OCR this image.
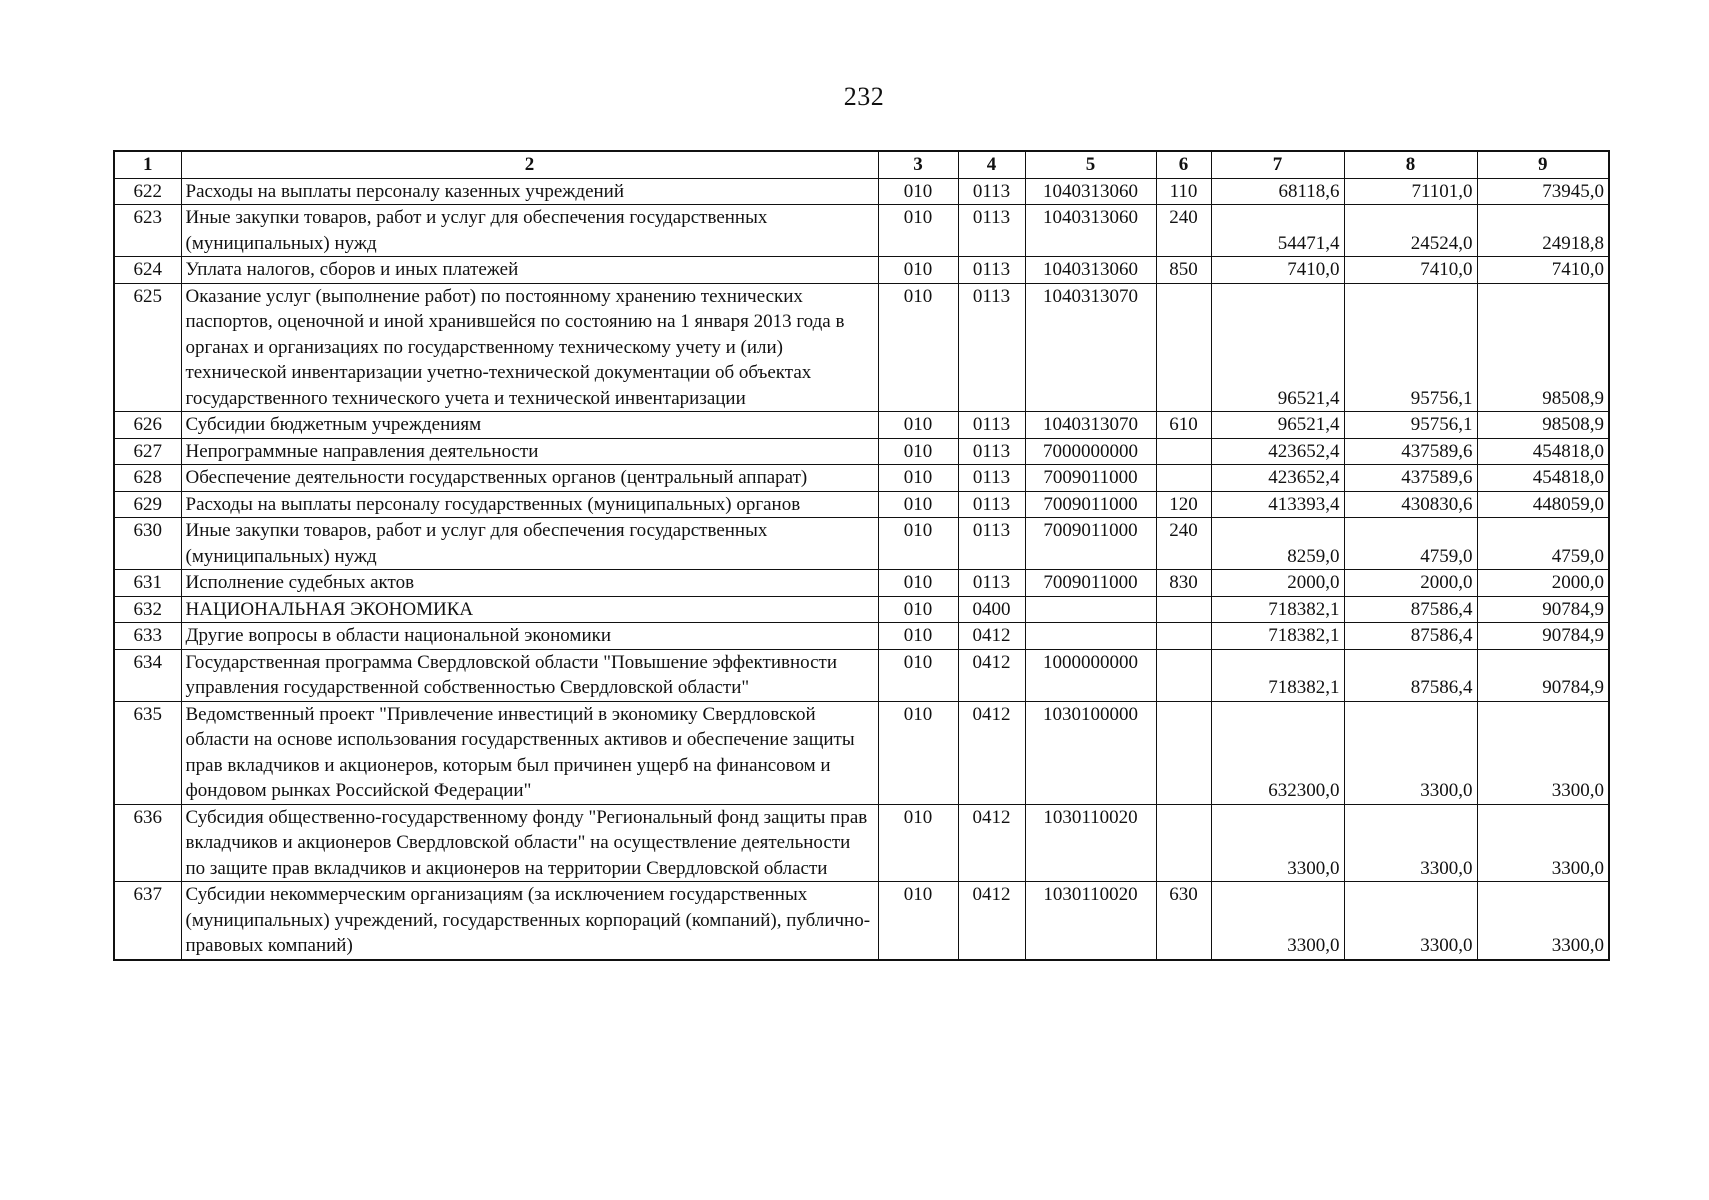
232
1	2	3	4	5	6	7	8	9
622	Расходы на выплаты персоналу казенных учреждений	010	0113	1040313060	110	68118,6	71101,0	73945,0
623	Иные закупки товаров, работ и услуг для обеспечения государственных (муниципальных) нужд	010	0113	1040313060	240	54471,4	24524,0	24918,8
624	Уплата налогов, сборов и иных платежей	010	0113	1040313060	850	7410,0	7410,0	7410,0
625	Оказание услуг (выполнение работ) по постоянному хранению технических паспортов, оценочной и иной хранившейся по состоянию на 1 января 2013 года в органах и организациях по государственному техническому учету и (или) технической инвентаризации учетно-технической документации об объектах государственного технического учета и технической инвентаризации	010	0113	1040313070		96521,4	95756,1	98508,9
626	Субсидии бюджетным учреждениям	010	0113	1040313070	610	96521,4	95756,1	98508,9
627	Непрограммные направления деятельности	010	0113	7000000000		423652,4	437589,6	454818,0
628	Обеспечение деятельности государственных органов (центральный аппарат)	010	0113	7009011000		423652,4	437589,6	454818,0
629	Расходы на выплаты персоналу государственных (муниципальных) органов	010	0113	7009011000	120	413393,4	430830,6	448059,0
630	Иные закупки товаров, работ и услуг для обеспечения государственных (муниципальных) нужд	010	0113	7009011000	240	8259,0	4759,0	4759,0
631	Исполнение судебных актов	010	0113	7009011000	830	2000,0	2000,0	2000,0
632	НАЦИОНАЛЬНАЯ ЭКОНОМИКА	010	0400			718382,1	87586,4	90784,9
633	Другие вопросы в области национальной экономики	010	0412			718382,1	87586,4	90784,9
634	Государственная программа Свердловской области "Повышение эффективности управления государственной собственностью Свердловской области"	010	0412	1000000000		718382,1	87586,4	90784,9
635	Ведомственный проект "Привлечение инвестиций в экономику Свердловской области на основе использования государственных активов и обеспечение защиты прав вкладчиков и акционеров, которым был причинен ущерб на финансовом и фондовом рынках Российской Федерации"	010	0412	1030100000		632300,0	3300,0	3300,0
636	Субсидия общественно-государственному фонду "Региональный фонд защиты прав вкладчиков и акционеров Свердловской области" на осуществление деятельности по защите прав вкладчиков и акционеров на территории Свердловской области	010	0412	1030110020		3300,0	3300,0	3300,0
637	Субсидии некоммерческим организациям (за исключением государственных (муниципальных) учреждений, государственных корпораций (компаний), публично-правовых компаний)	010	0412	1030110020	630	3300,0	3300,0	3300,0
